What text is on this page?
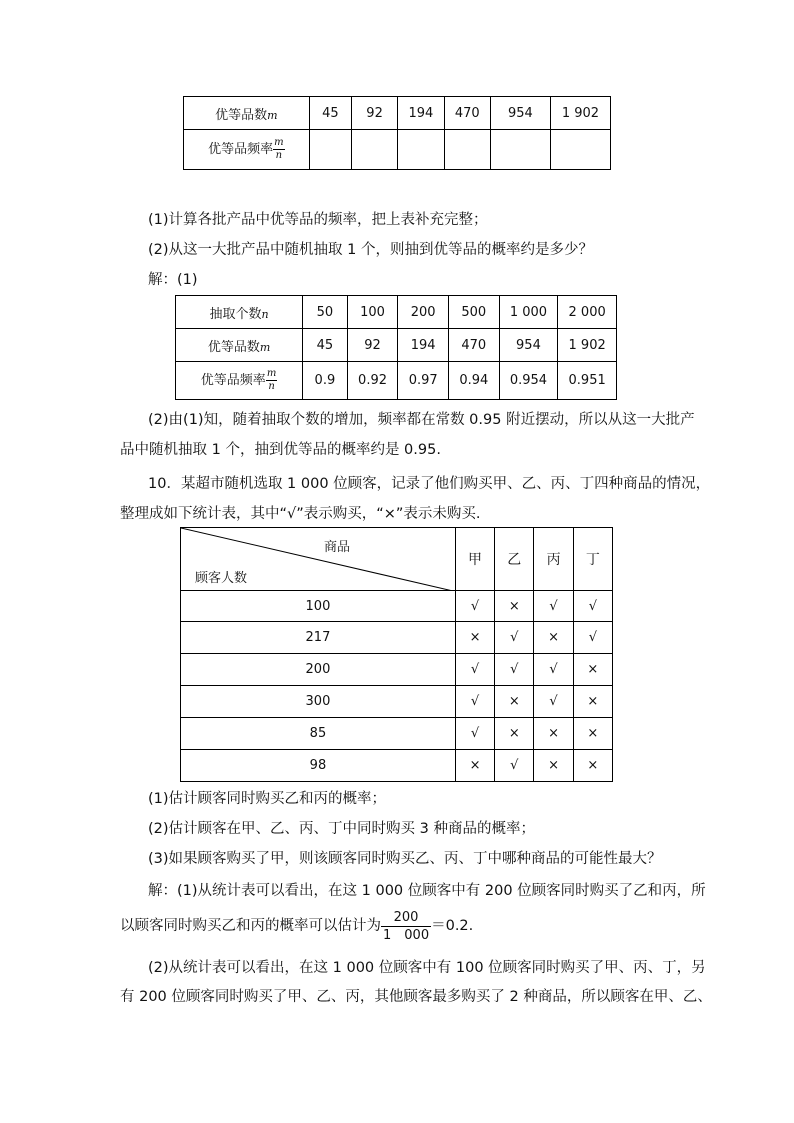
优等品数m	45	92	194	470	954	1 902
优等品频率 $\frac{m}{n}$

(1)计算各批产品中优等品的频率，把上表补充完整；
(2)从这一大批产品中随机抽取 1 个，则抽到优等品的概率约是多少？
解：(1)
抽取个数n	50	100	200	500	1 000	2 000
优等品数m	45	92	194	470	954	1 902
优等品频率 $\frac{m}{n}$	0.9	0.92	0.97	0.94	0.954	0.951
(2)由(1)知，随着抽取个数的增加，频率都在常数 0.95 附近摆动，所以从这一大批产
品中随机抽取 1 个，抽到优等品的概率约是 0.95.
10．某超市随机选取 1 000 位顾客，记录了他们购买甲、乙、丙、丁四种商品的情况，
整理成如下统计表，其中“√”表示购买，“×”表示未购买.
商品
顾客人数	甲	乙	丙	丁
100	√	×	√	√
217	×	√	×	√
200	√	√	√	×
300	√	×	√	×
85	√	×	×	×
98	×	√	×	×
(1)估计顾客同时购买乙和丙的概率；
(2)估计顾客在甲、乙、丙、丁中同时购买 3 种商品的概率；
(3)如果顾客购买了甲，则该顾客同时购买乙、丙、丁中哪种商品的可能性最大？
解：(1)从统计表可以看出，在这 1 000 位顾客中有 200 位顾客同时购买了乙和丙，所
以顾客同时购买乙和丙的概率可以估计为 $\frac{200}{1 000} =0.2$.
(2)从统计表可以看出，在这 1 000 位顾客中有 100 位顾客同时购买了甲、丙、丁，另
有 200 位顾客同时购买了甲、乙、丙，其他顾客最多购买了 2 种商品，所以顾客在甲、乙、
